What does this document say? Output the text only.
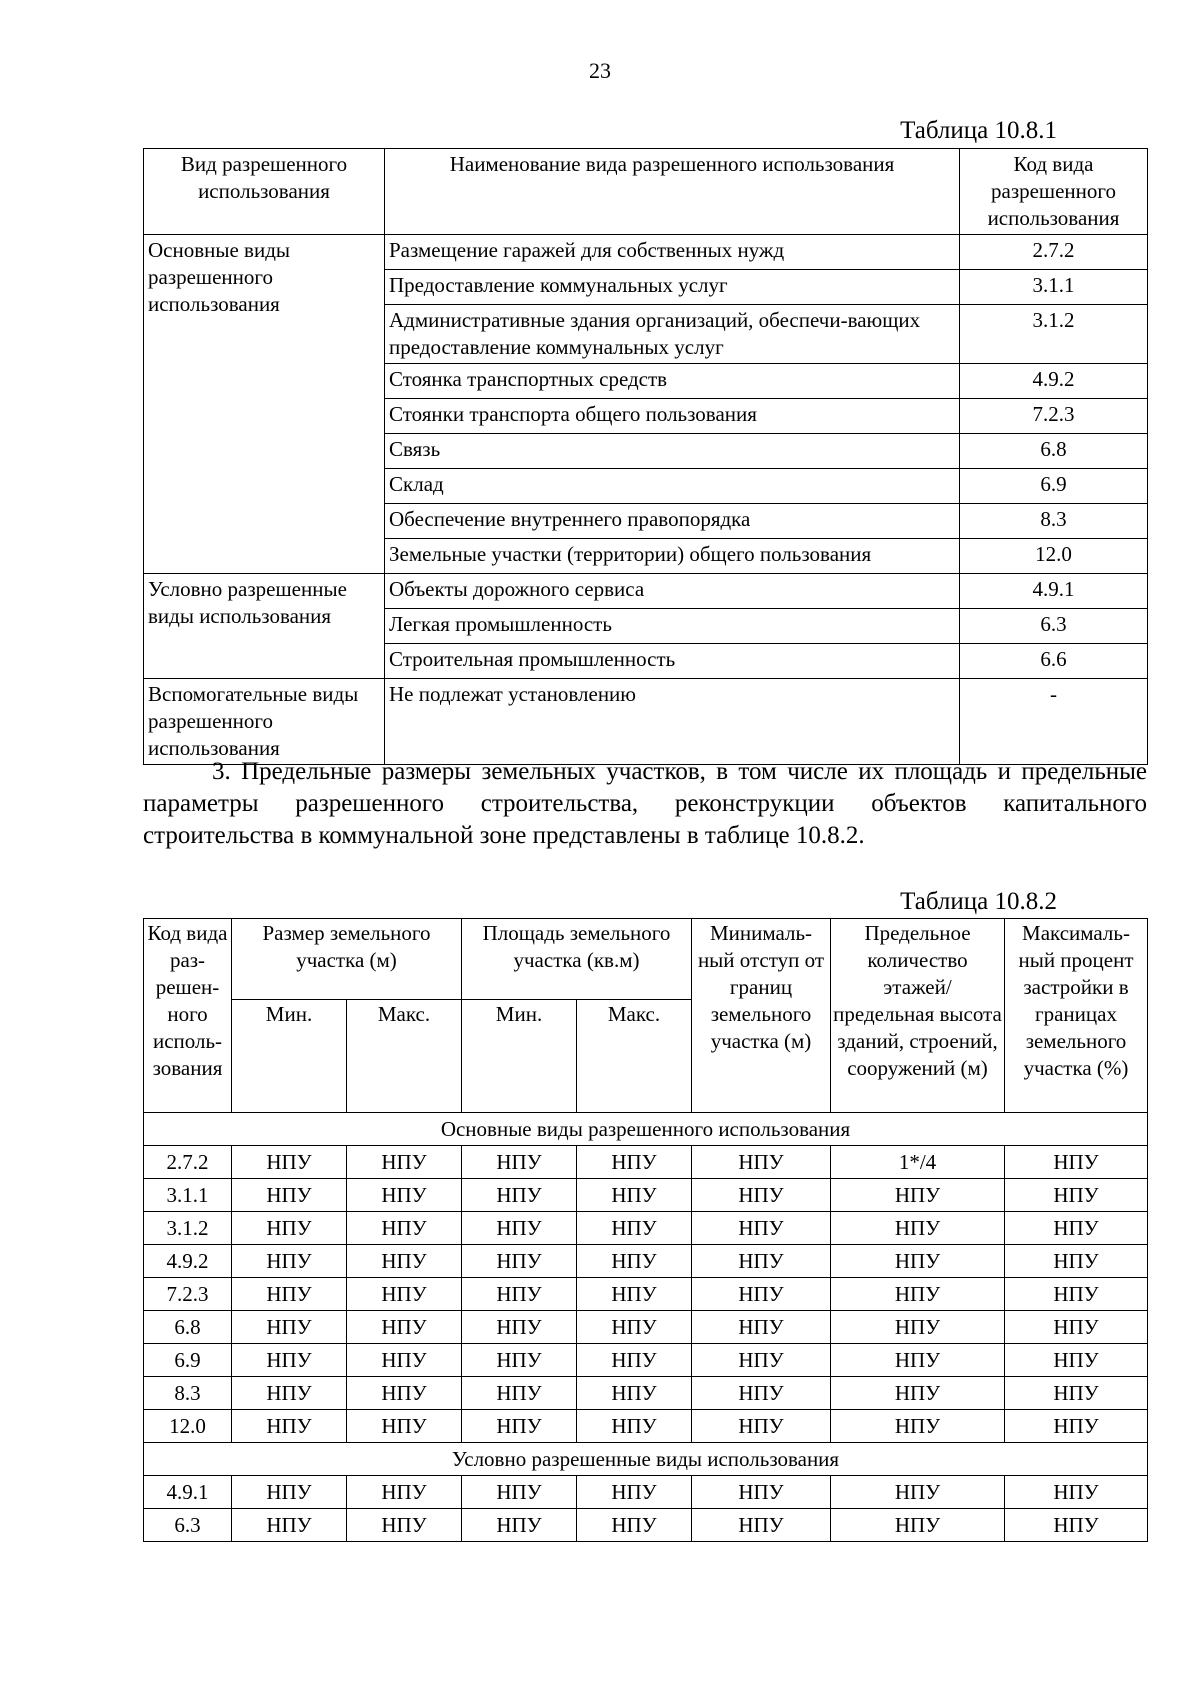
23
Таблица 10.8.1
Вид разрешенного использования	Наименование вида разрешенного использования	Код вида разрешенного использования
Основные виды разрешенного использования	Размещение гаражей для собственных нужд	2.7.2
	Предоставление коммунальных услуг	3.1.1
	Административные здания организаций, обеспечи-вающих предоставление коммунальных услуг	3.1.2
	Стоянка транспортных средств	4.9.2
	Стоянки транспорта общего пользования	7.2.3
	Связь	6.8
	Склад	6.9
	Обеспечение внутреннего правопорядка	8.3
	Земельные участки (территории) общего пользования	12.0
Условно разрешенные виды использования	Объекты дорожного сервиса	4.9.1
	Легкая промышленность	6.3
	Строительная промышленность	6.6
Вспомогательные виды разрешенного использования	Не подлежат установлению	-
3. Предельные размеры земельных участков, в том числе их площадь и предельные параметры разрешенного строительства, реконструкции объектов капитального строительства в коммунальной зоне представлены в таблице 10.8.2.
Таблица 10.8.2
Код вида раз-решен-ного исполь-зования	Размер земельного участка (м)		Площадь земельного участка (кв.м)		Минималь-ный отступ от границ земельного участка (м)	Предельное количество этажей/ предельная высота зданий, строений, сооружений (м)	Максималь-ный процент застройки в границах земельного участка (%)
	Мин.	Макс.	Мин.	Макс.			
Основные виды разрешенного использования							
2.7.2	НПУ	НПУ	НПУ	НПУ	НПУ	1*/4	НПУ
3.1.1	НПУ	НПУ	НПУ	НПУ	НПУ	НПУ	НПУ
3.1.2	НПУ	НПУ	НПУ	НПУ	НПУ	НПУ	НПУ
4.9.2	НПУ	НПУ	НПУ	НПУ	НПУ	НПУ	НПУ
7.2.3	НПУ	НПУ	НПУ	НПУ	НПУ	НПУ	НПУ
6.8	НПУ	НПУ	НПУ	НПУ	НПУ	НПУ	НПУ
6.9	НПУ	НПУ	НПУ	НПУ	НПУ	НПУ	НПУ
8.3	НПУ	НПУ	НПУ	НПУ	НПУ	НПУ	НПУ
12.0	НПУ	НПУ	НПУ	НПУ	НПУ	НПУ	НПУ
Условно разрешенные виды использования							
4.9.1	НПУ	НПУ	НПУ	НПУ	НПУ	НПУ	НПУ
6.3	НПУ	НПУ	НПУ	НПУ	НПУ	НПУ	НПУ
